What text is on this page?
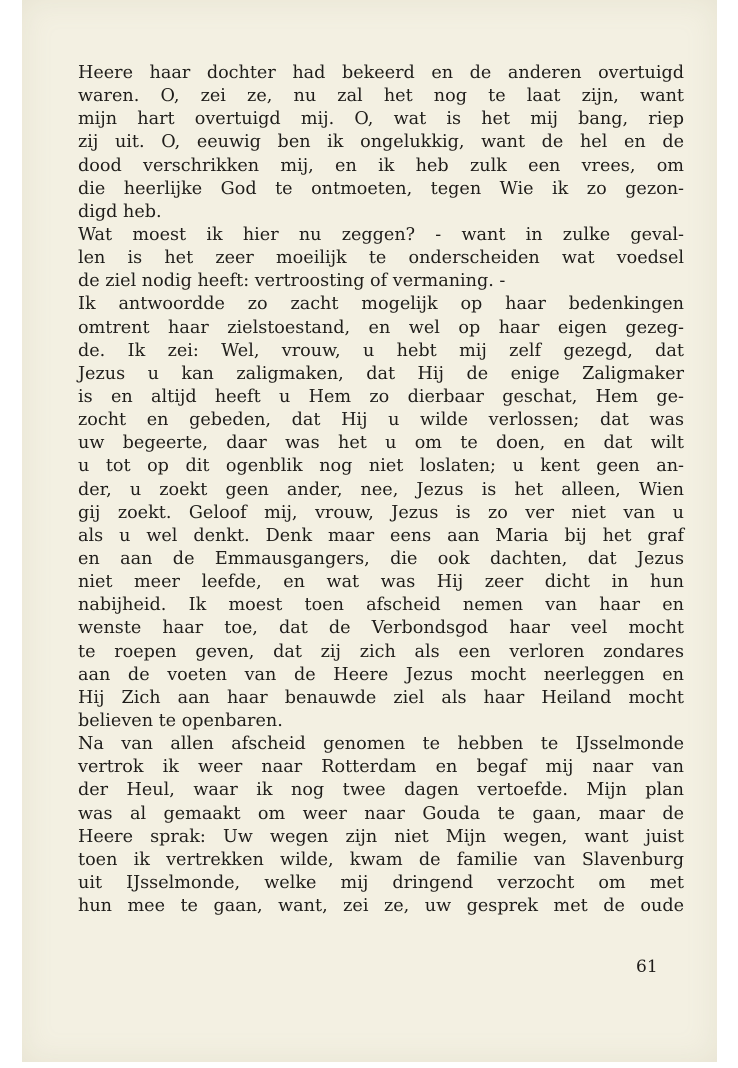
Heere haar dochter had bekeerd en de anderen overtuigd
waren. O, zei ze, nu zal het nog te laat zijn, want
mijn hart overtuigd mij. O, wat is het mij bang, riep
zij uit. O, eeuwig ben ik ongelukkig, want de hel en de
dood verschrikken mij, en ik heb zulk een vrees, om
die heerlijke God te ontmoeten, tegen Wie ik zo gezon-
digd heb.
Wat moest ik hier nu zeggen? - want in zulke geval-
len is het zeer moeilijk te onderscheiden wat voedsel
de ziel nodig heeft: vertroosting of vermaning. -
Ik antwoordde zo zacht mogelijk op haar bedenkingen
omtrent haar zielstoestand, en wel op haar eigen gezeg-
de. Ik zei: Wel, vrouw, u hebt mij zelf gezegd, dat
Jezus u kan zaligmaken, dat Hij de enige Zaligmaker
is en altijd heeft u Hem zo dierbaar geschat, Hem ge-
zocht en gebeden, dat Hij u wilde verlossen; dat was
uw begeerte, daar was het u om te doen, en dat wilt
u tot op dit ogenblik nog niet loslaten; u kent geen an-
der, u zoekt geen ander, nee, Jezus is het alleen, Wien
gij zoekt. Geloof mij, vrouw, Jezus is zo ver niet van u
als u wel denkt. Denk maar eens aan Maria bij het graf
en aan de Emmausgangers, die ook dachten, dat Jezus
niet meer leefde, en wat was Hij zeer dicht in hun
nabijheid. Ik moest toen afscheid nemen van haar en
wenste haar toe, dat de Verbondsgod haar veel mocht
te roepen geven, dat zij zich als een verloren zondares
aan de voeten van de Heere Jezus mocht neerleggen en
Hij Zich aan haar benauwde ziel als haar Heiland mocht
believen te openbaren.
Na van allen afscheid genomen te hebben te IJsselmonde
vertrok ik weer naar Rotterdam en begaf mij naar van
der Heul, waar ik nog twee dagen vertoefde. Mijn plan
was al gemaakt om weer naar Gouda te gaan, maar de
Heere sprak: Uw wegen zijn niet Mijn wegen, want juist
toen ik vertrekken wilde, kwam de familie van Slavenburg
uit IJsselmonde, welke mij dringend verzocht om met
hun mee te gaan, want, zei ze, uw gesprek met de oude
61
